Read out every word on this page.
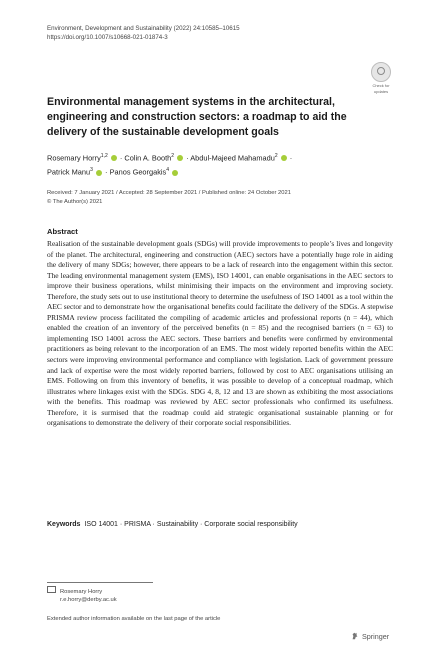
Environment, Development and Sustainability (2022) 24:10585–10615
https://doi.org/10.1007/s10668-021-01874-3
Check for
updates
Environmental management systems in the architectural, engineering and construction sectors: a roadmap to aid the delivery of the sustainable development goals
Rosemary Horry$^{1,2}$  · Colin A. Booth$^2$  · Abdul‑Majeed Mahamadu$^2$  ·
Patrick Manu$^3$  · Panos Georgakis$^4$
Received: 7 January 2021 / Accepted: 28 September 2021 / Published online: 24 October 2021
© The Author(s) 2021
Abstract
Realisation of the sustainable development goals (SDGs) will provide improvements to people’s lives and longevity of the planet. The architectural, engineering and construction (AEC) sectors have a potentially huge role in aiding the delivery of many SDGs; however, there appears to be a lack of research into the engagement within this sector. The leading environmental management system (EMS), ISO 14001, can enable organisations in the AEC sectors to improve their business operations, whilst minimising their impacts on the environment and improving society. Therefore, the study sets out to use institutional theory to determine the usefulness of ISO 14001 as a tool within the AEC sector and to demonstrate how the organisational benefits could facilitate the delivery of the SDGs. A stepwise PRISMA review process facilitated the compiling of academic articles and professional reports (n = 44), which enabled the creation of an inventory of the perceived benefits (n = 85) and the recognised barriers (n = 63) to implementing ISO 14001 across the AEC sectors. These barriers and benefits were confirmed by environmental practitioners as being relevant to the incorporation of an EMS. The most widely reported benefits within the AEC sectors were improving environmental performance and compliance with legislation. Lack of government pressure and lack of expertise were the most widely reported barriers, followed by cost to AEC organisations utilising an EMS. Following on from this inventory of benefits, it was possible to develop of a conceptual roadmap, which illustrates where linkages exist with the SDGs. SDG 4, 8, 12 and 13 are shown as exhibiting the most associations with the benefits. This roadmap was reviewed by AEC sector professionals who confirmed its usefulness. Therefore, it is surmised that the roadmap could aid strategic organisational sustainable planning or for organisations to demonstrate the delivery of their corporate social responsibilities.
Keywords ISO 14001 · PRISMA · Sustainability · Corporate social responsibility
Rosemary Horry
r.e.horry@derby.ac.uk
Extended author information available on the last page of the article
Springer
